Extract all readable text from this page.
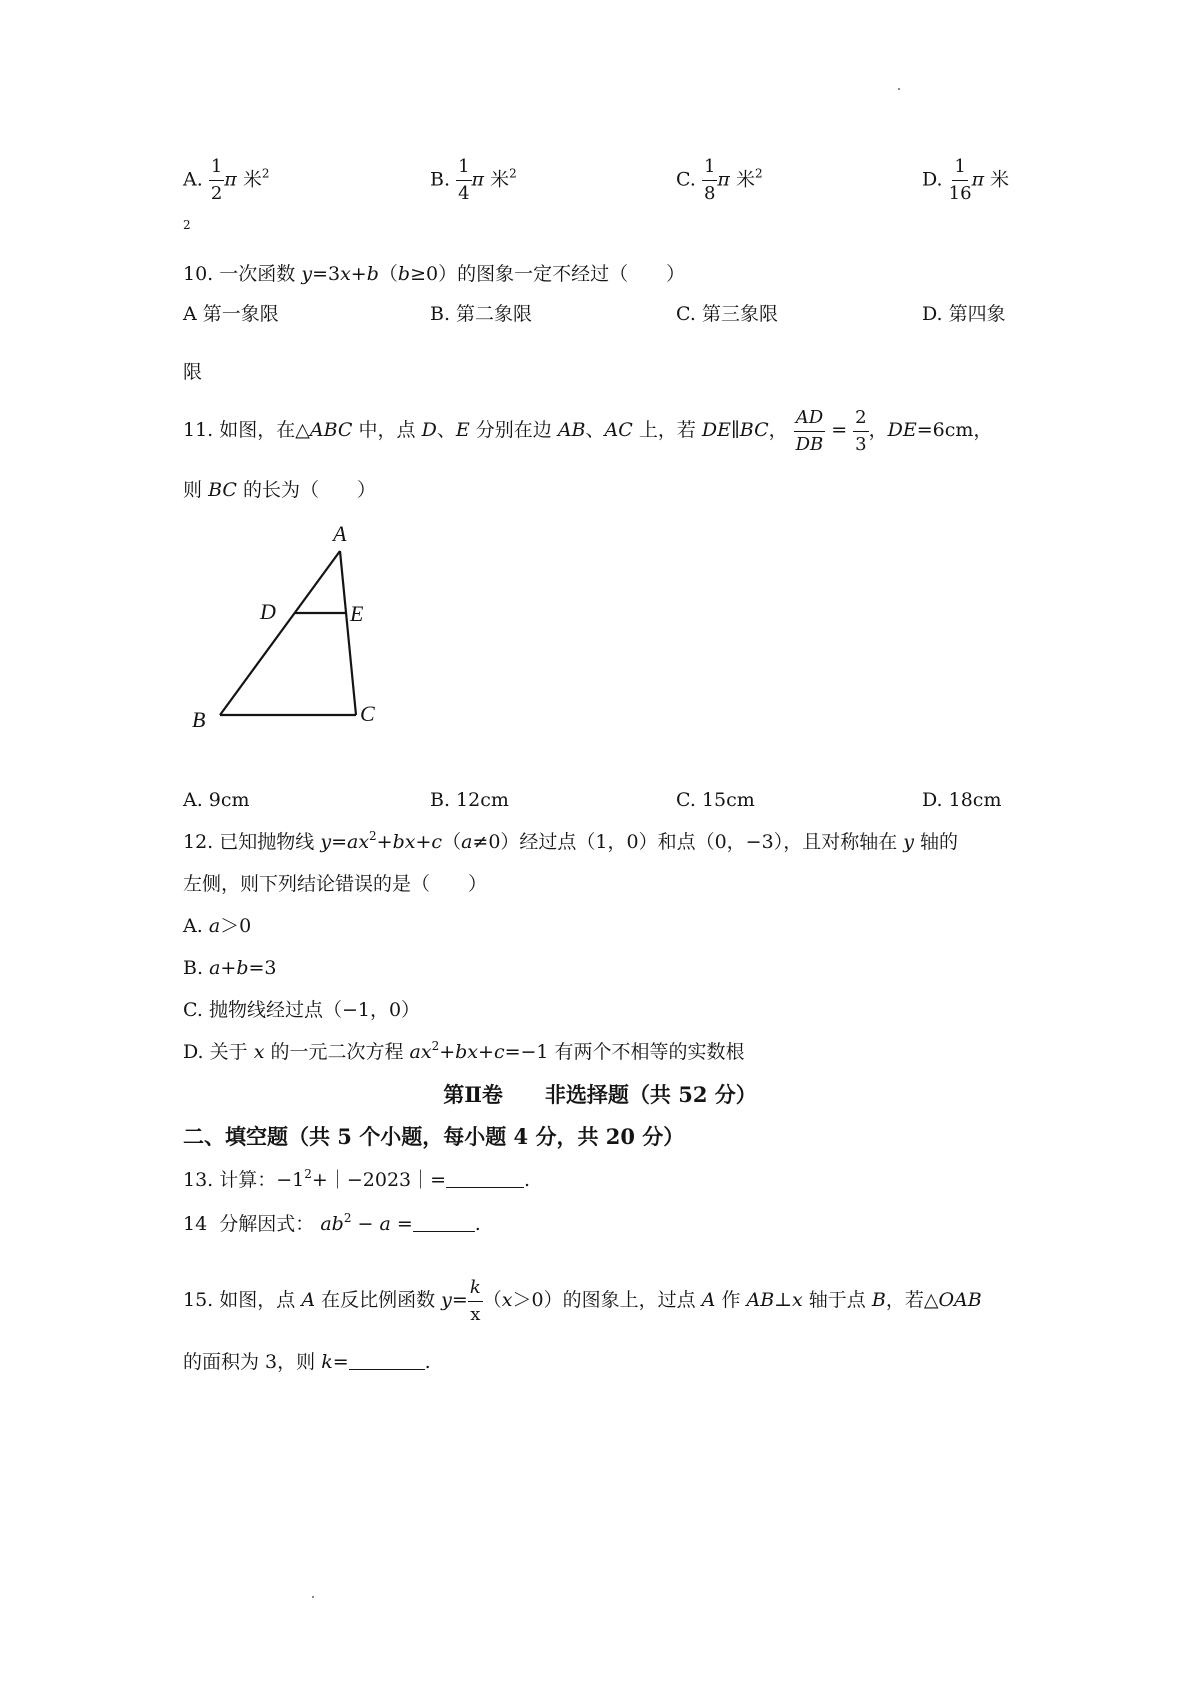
A. $\frac{1}{2}$ π 米$^2$	B. $\frac{1}{4}$ π 米$^2$	C. $\frac{1}{8}$ π 米$^2$	D. $\frac{1}{16}$ π 米
2
10. 一次函数 y=3x+b（b≥0）的图象一定不经过（　　）
A 第一象限	B. 第二象限	C. 第三象限	D. 第四象
限
11. 如图，在△ABC 中，点 D、E 分别在边 AB、AC 上，若 DE∥BC， $\frac{AD}{DB} = \frac{2}{3}$ ，DE=6cm，
则 BC 的长为（　　）
A
D	E
B	C
A. 9cm	B. 12cm	C. 15cm	D. 18cm
12. 已知抛物线 $y=ax^2+bx+c(a\ne 0)$经过点（1，0）和点（0，−3），且对称轴在 y 轴的
左侧，则下列结论错误的是（　　）
A. a＞0
B. a+b=3
C. 抛物线经过点（−1，0）
D. 关于 x 的一元二次方程 $ax^2+bx+c=-1$ 有两个不相等的实数根
第Ⅱ卷　　非选择题（共 52 分）
二、填空题（共 5 个小题，每小题 4 分，共 20 分）
13. 计算：$-1^2+|-2023|=$	.
14 分解因式： $ab^2 - a$ =	.
15. 如图，点 A 在反比例函数 $y= \frac{k}{x} (x>0)$的图象上，过点 A 作 AB⊥x 轴于点 B，若△OAB
的面积为 3，则 k=	.
